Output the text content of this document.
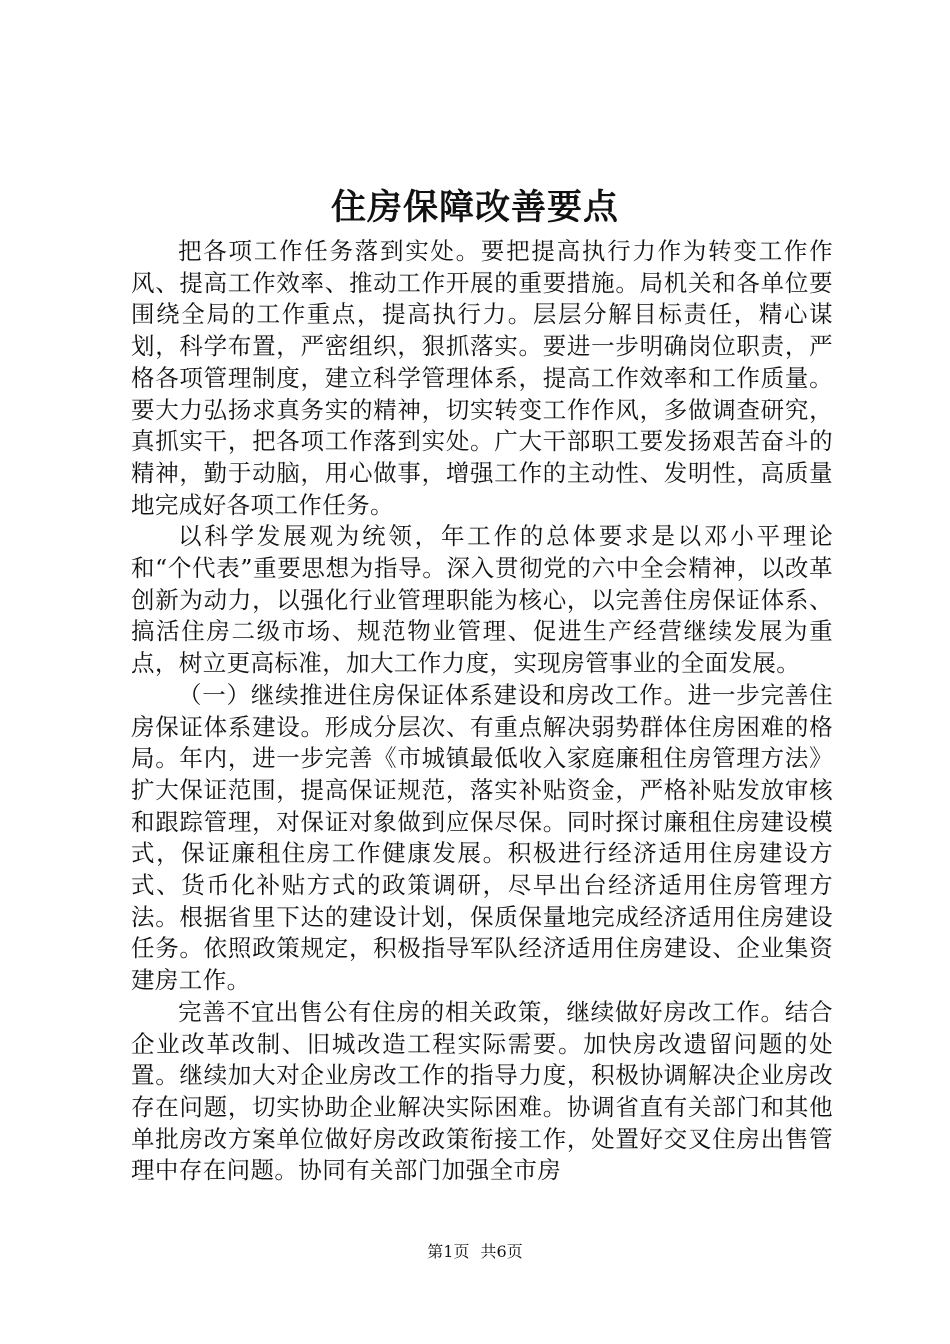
住房保障改善要点

把各项工作任务落到实处。要把提高执行力作为转变工作作风、提高工作效率、推动工作开展的重要措施。局机关和各单位要围绕全局的工作重点，提高执行力。层层分解目标责任，精心谋划，科学布置，严密组织，狠抓落实。要进一步明确岗位职责，严格各项管理制度，建立科学管理体系，提高工作效率和工作质量。要大力弘扬求真务实的精神，切实转变工作作风，多做调查研究，真抓实干，把各项工作落到实处。广大干部职工要发扬艰苦奋斗的精神，勤于动脑，用心做事，增强工作的主动性、发明性，高质量地完成好各项工作任务。

以科学发展观为统领，年工作的总体要求是以邓小平理论和“个代表”重要思想为指导。深入贯彻党的六中全会精神，以改革创新为动力，以强化行业管理职能为核心，以完善住房保证体系、搞活住房二级市场、规范物业管理、促进生产经营继续发展为重点，树立更高标准，加大工作力度，实现房管事业的全面发展。

（一）继续推进住房保证体系建设和房改工作。进一步完善住房保证体系建设。形成分层次、有重点解决弱势群体住房困难的格局。年内，进一步完善《市城镇最低收入家庭廉租住房管理方法》扩大保证范围，提高保证规范，落实补贴资金，严格补贴发放审核和跟踪管理，对保证对象做到应保尽保。同时探讨廉租住房建设模式，保证廉租住房工作健康发展。积极进行经济适用住房建设方式、货币化补贴方式的政策调研，尽早出台经济适用住房管理方法。根据省里下达的建设计划，保质保量地完成经济适用住房建设任务。依照政策规定，积极指导军队经济适用住房建设、企业集资建房工作。

完善不宜出售公有住房的相关政策，继续做好房改工作。结合企业改革改制、旧城改造工程实际需要。加快房改遗留问题的处置。继续加大对企业房改工作的指导力度，积极协调解决企业房改存在问题，切实协助企业解决实际困难。协调省直有关部门和其他单批房改方案单位做好房改政策衔接工作，处置好交叉住房出售管理中存在问题。协同有关部门加强全市房

第1页 共6页
